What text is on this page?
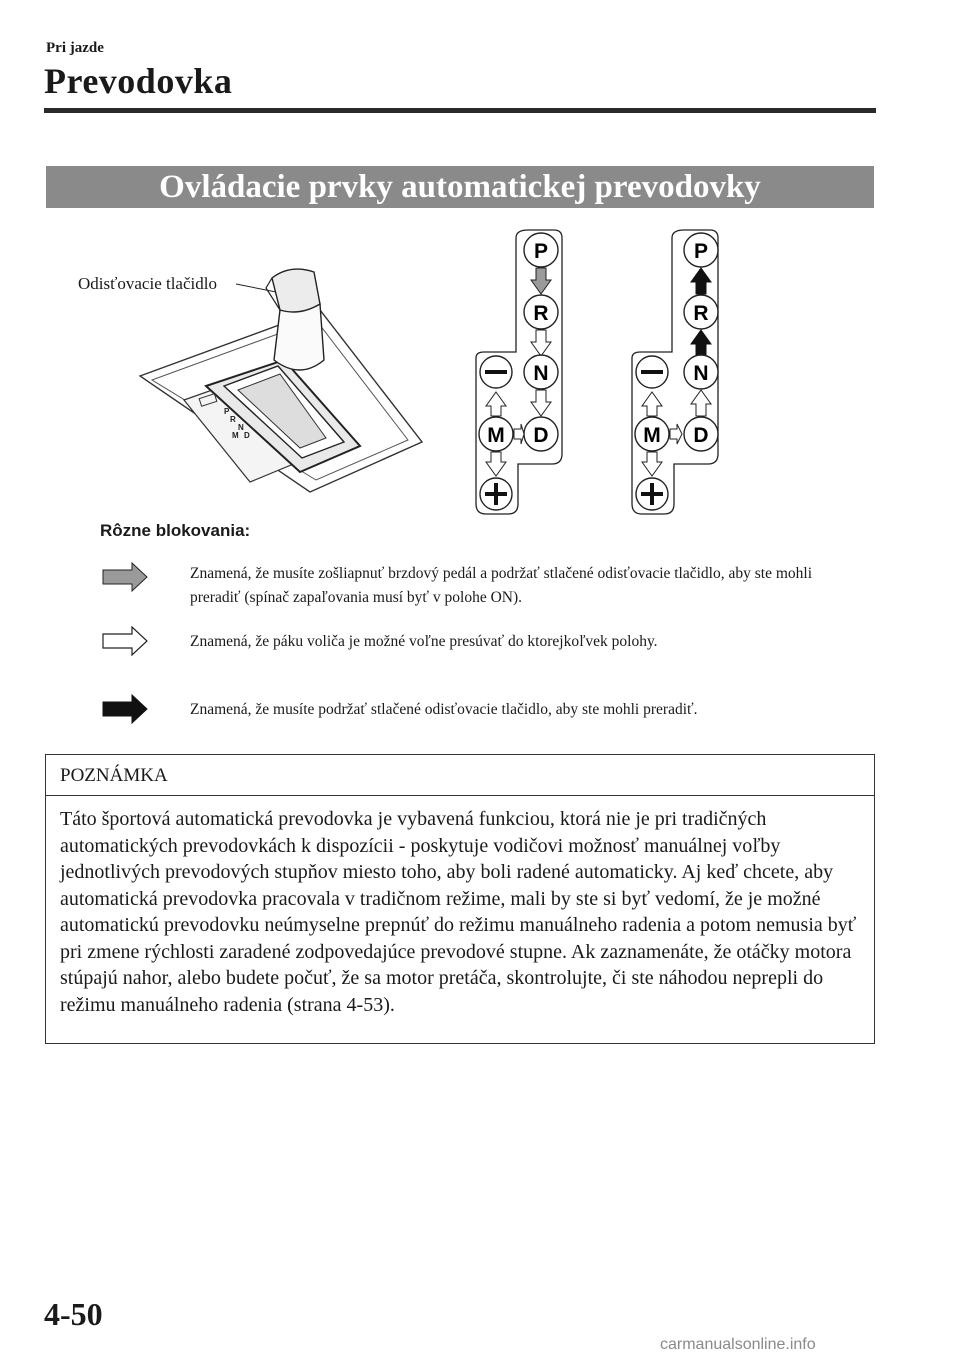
Pri jazde
Prevodovka
Ovládacie prvky automatickej prevodovky
Odisťovacie tlačidlo
P
R
N
D
M
P
R
N
D
M
P
R
N
D
M
Rôzne blokovania:
Znamená, že musíte zošliapnuť brzdový pedál a podržať stlačené odisťovacie tlačidlo, aby ste mohli preradiť (spínač zapaľovania musí byť v polohe ON).
Znamená, že páku voliča je možné voľne presúvať do ktorejkoľvek polohy.
Znamená, že musíte podržať stlačené odisťovacie tlačidlo, aby ste mohli preradiť.
POZNÁMKA
Táto športová automatická prevodovka je vybavená funkciou, ktorá nie je pri tradičných automatických prevodovkách k dispozícii - poskytuje vodičovi možnosť manuálnej voľby jednotlivých prevodových stupňov miesto toho, aby boli radené automaticky. Aj keď chcete, aby automatická prevodovka pracovala v tradičnom režime, mali by ste si byť vedomí, že je možné automatickú prevodovku neúmyselne prepnúť do režimu manuálneho radenia a potom nemusia byť pri zmene rýchlosti zaradené zodpovedajúce prevodové stupne. Ak zaznamenáte, že otáčky motora stúpajú nahor, alebo budete počuť, že sa motor pretáča, skontrolujte, či ste náhodou neprepli do režimu manuálneho radenia (strana 4-53).
4-50
carmanualsonline.info
